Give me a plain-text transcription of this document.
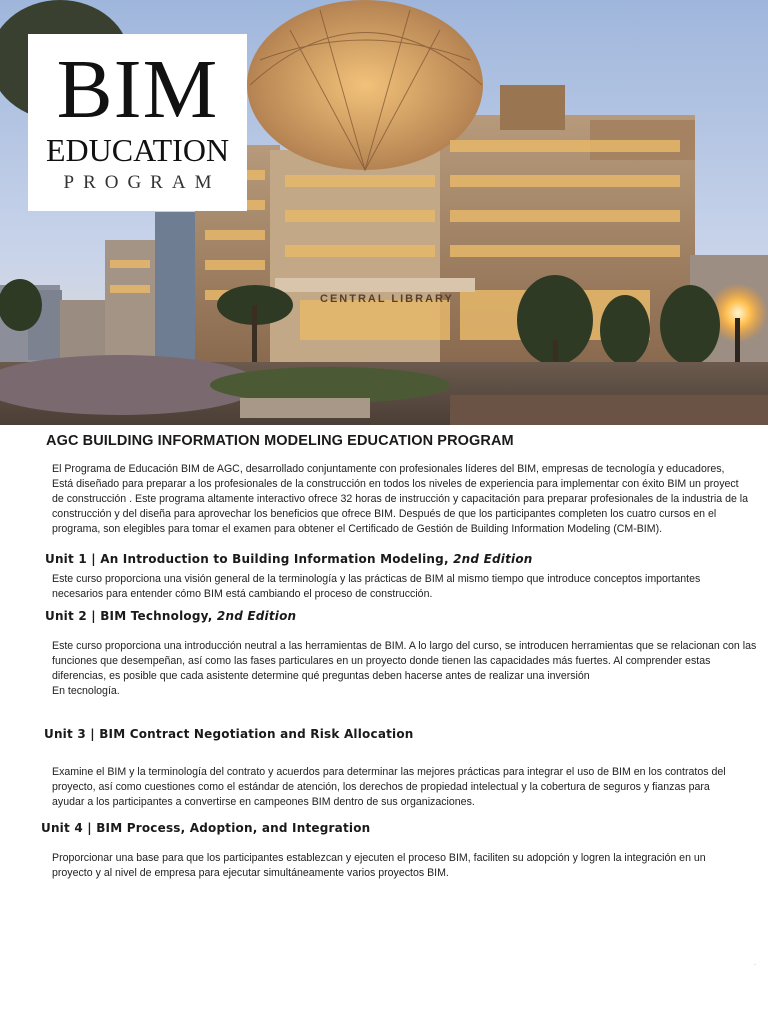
CENTRAL LIBRARY
BIM
EDUCATION
PROGRAM
AGC BUILDING INFORMATION MODELING EDUCATION PROGRAM
El Programa de Educación BIM de AGC, desarrollado conjuntamente con profesionales líderes del BIM, empresas de tecnología y educadores,
Está diseñado para preparar a los profesionales de la construcción en todos los niveles de experiencia para implementar con éxito BIM un proyect
de construcción . Este programa altamente interactivo ofrece 32 horas de instrucción y capacitación para preparar profesionales de la industria de la
construcción y del diseña para aprovechar los beneficios que ofrece BIM. Después de que los participantes completen los cuatro cursos en el
programa, son elegibles para tomar el examen para obtener el Certificado de Gestión de Building Information Modeling (CM-BIM).
Unit 1 | An Introduction to Building Information Modeling, 2nd Edition
Este curso proporciona una visión general de la terminología y las prácticas de BIM al mismo tiempo que introduce conceptos importantes
necesarios para entender cómo BIM está cambiando el proceso de construcción.
Unit 2 | BIM Technology, 2nd Edition
Este curso proporciona una introducción neutral a las herramientas de BIM. A lo largo del curso, se introducen herramientas que se relacionan con las
funciones que desempeñan, así como las fases particulares en un proyecto donde tienen las capacidades más fuertes. Al comprender estas
diferencias, es posible que cada asistente determine qué preguntas deben hacerse antes de realizar una inversión
En tecnología.
Unit 3 | BIM Contract Negotiation and Risk Allocation
Examine el BIM y la terminología del contrato y acuerdos para determinar las mejores prácticas para integrar el uso de BIM en los contratos del
proyecto, así como cuestiones como el estándar de atención, los derechos de propiedad intelectual y la cobertura de seguros y fianzas para
ayudar a los participantes a convertirse en campeones BIM dentro de sus organizaciones.
Unit 4 | BIM Process, Adoption, and Integration
Proporcionar una base para que los participantes establezcan y ejecuten el proceso BIM, faciliten su adopción y logren la integración en un
proyecto y al nivel de empresa para ejecutar simultáneamente varios proyectos BIM.
·
